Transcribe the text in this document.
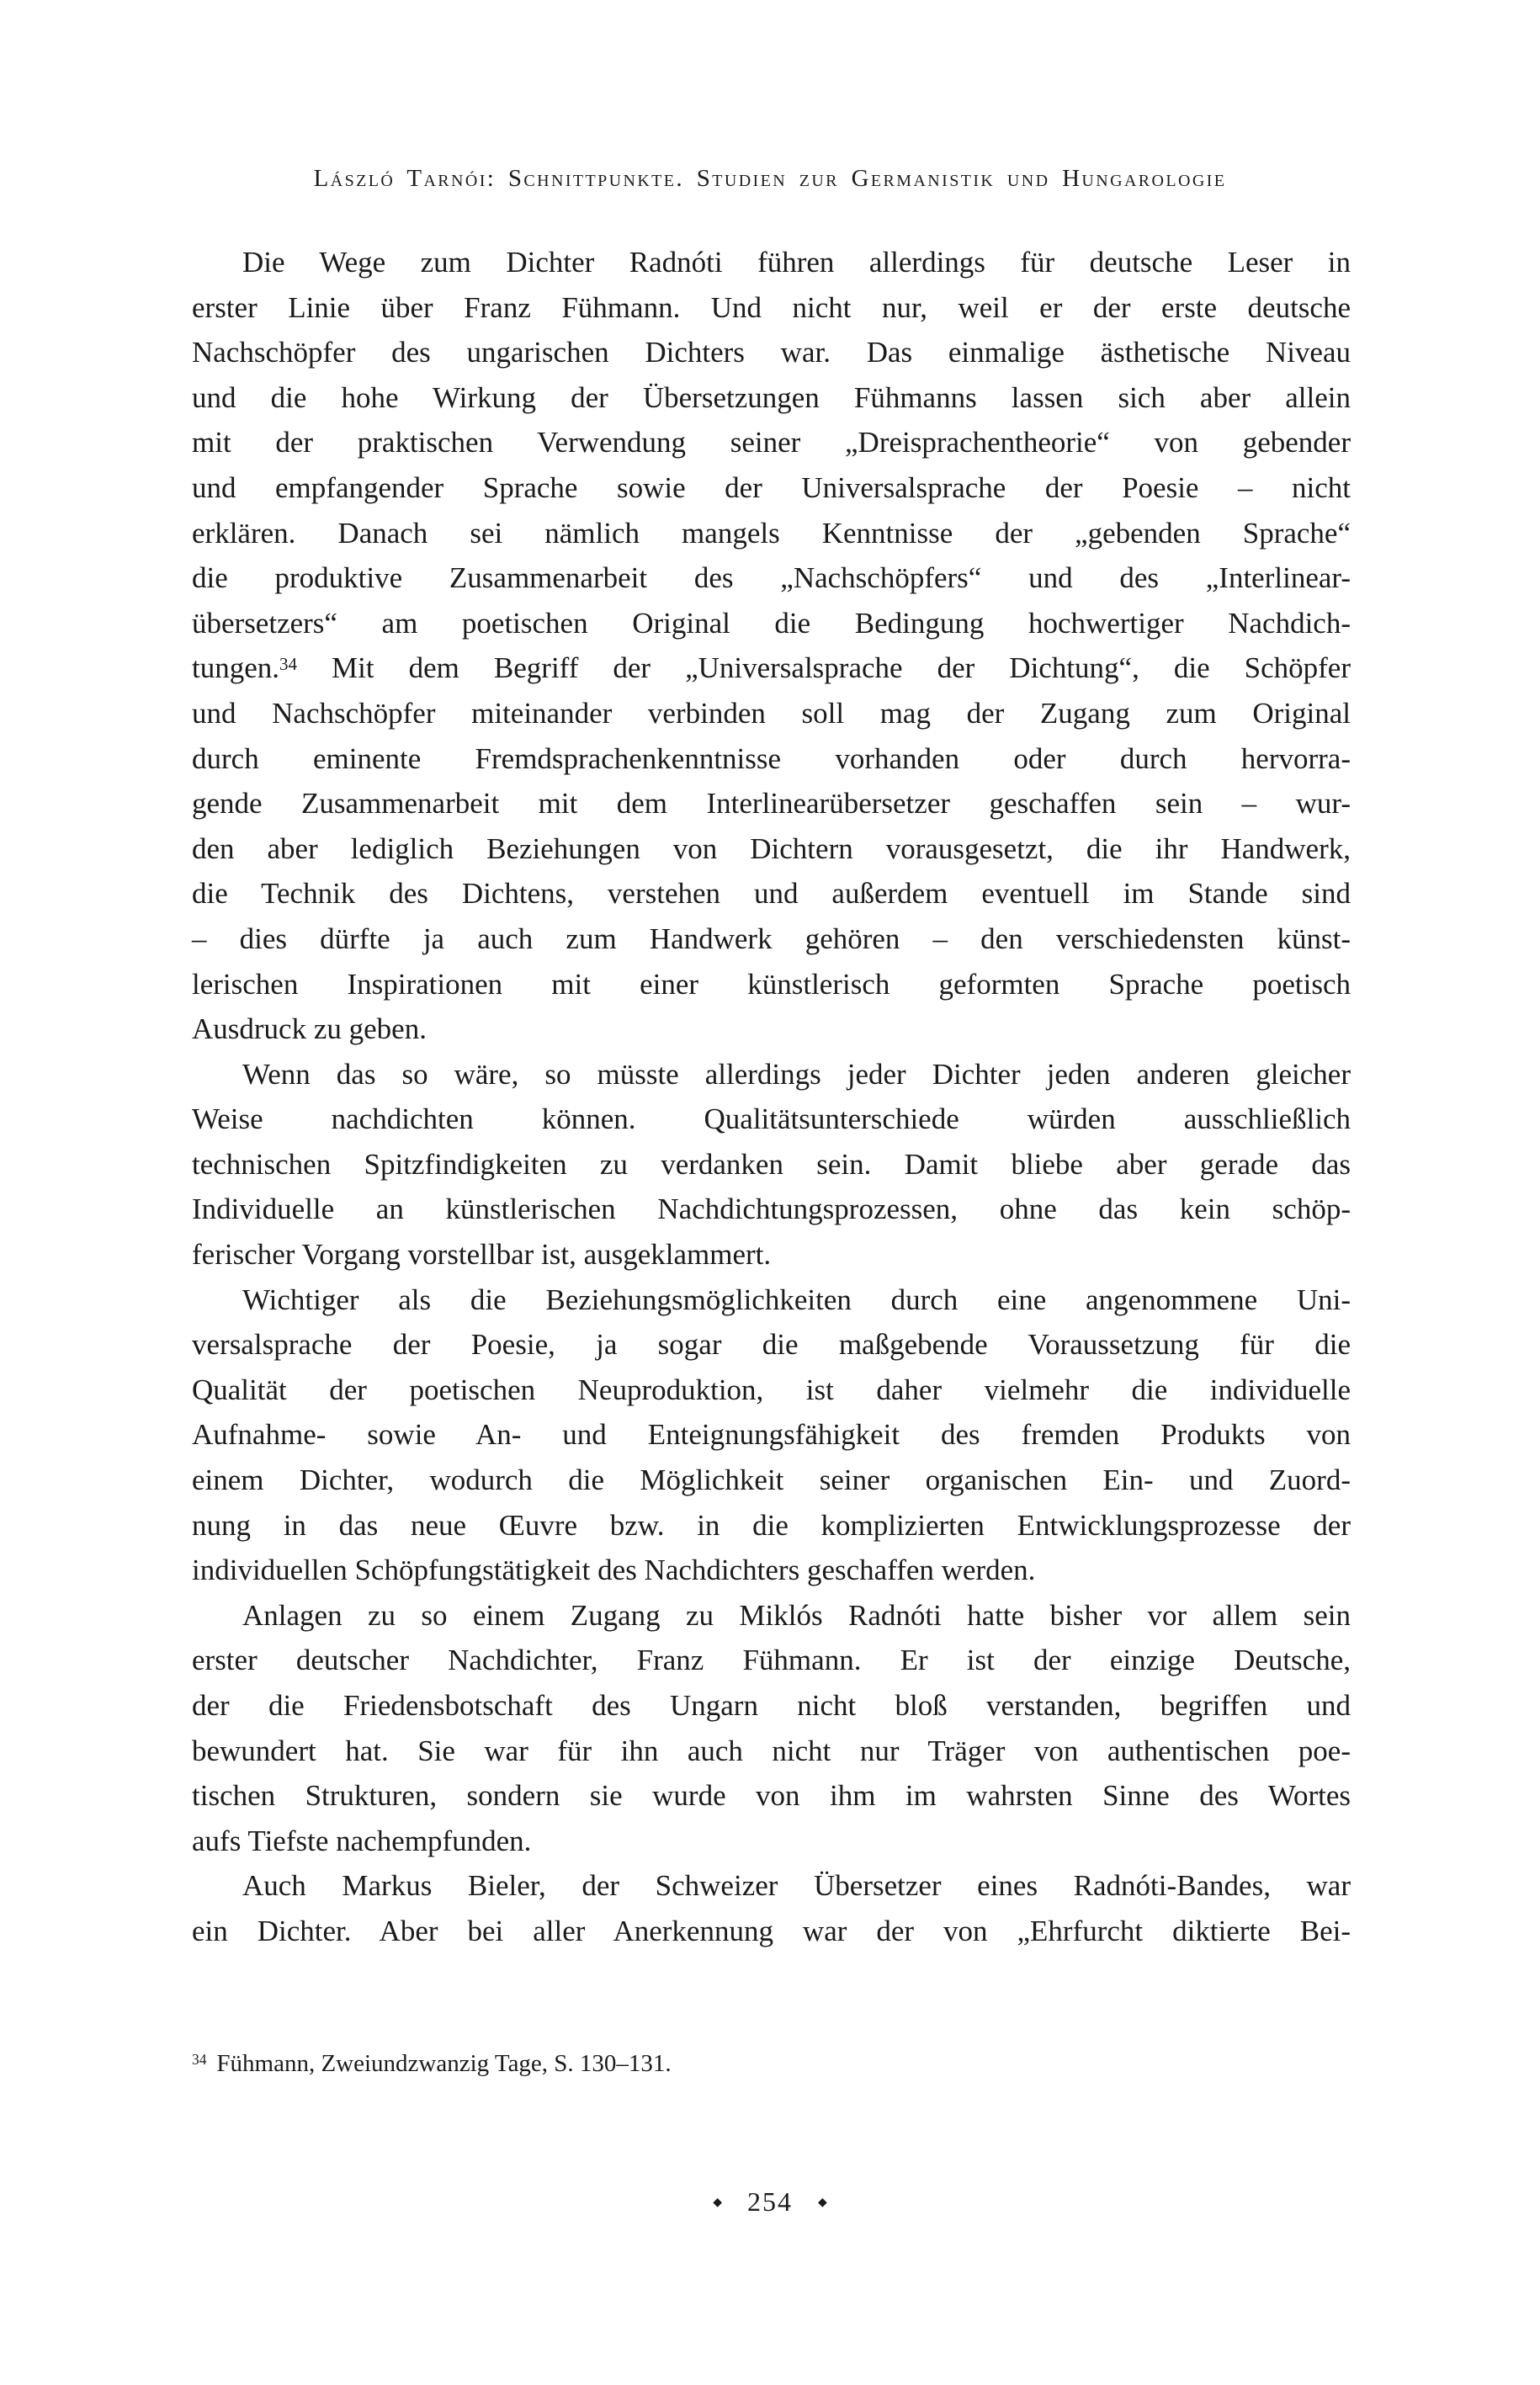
László Tarnói: Schnittpunkte. Studien zur Germanistik und Hungarologie
Die Wege zum Dichter Radnóti führen allerdings für deutsche Leser in
erster Linie über Franz Fühmann. Und nicht nur, weil er der erste deutsche
Nachschöpfer des ungarischen Dichters war. Das einmalige ästhetische Niveau
und die hohe Wirkung der Übersetzungen Fühmanns lassen sich aber allein
mit der praktischen Verwendung seiner „Dreisprachentheorie“ von gebender
und empfangender Sprache sowie der Universalsprache der Poesie – nicht
erklären. Danach sei nämlich mangels Kenntnisse der „gebenden Sprache“
die produktive Zusammenarbeit des „Nachschöpfers“ und des „Interlinear-
übersetzers“ am poetischen Original die Bedingung hochwertiger Nachdich-
tungen.$^{34}$ Mit dem Begriff der „Universalsprache der Dichtung“, die Schöpfer
und Nachschöpfer miteinander verbinden soll mag der Zugang zum Original
durch eminente Fremdsprachenkenntnisse vorhanden oder durch hervorra-
gende Zusammenarbeit mit dem Interlinearübersetzer geschaffen sein – wur-
den aber lediglich Beziehungen von Dichtern vorausgesetzt, die ihr Handwerk,
die Technik des Dichtens, verstehen und außerdem eventuell im Stande sind
– dies dürfte ja auch zum Handwerk gehören – den verschiedensten künst-
lerischen Inspirationen mit einer künstlerisch geformten Sprache poetisch
Ausdruck zu geben.
Wenn das so wäre, so müsste allerdings jeder Dichter jeden anderen gleicher
Weise nachdichten können. Qualitätsunterschiede würden ausschließlich
technischen Spitzfindigkeiten zu verdanken sein. Damit bliebe aber gerade das
Individuelle an künstlerischen Nachdichtungsprozessen, ohne das kein schöp-
ferischer Vorgang vorstellbar ist, ausgeklammert.
Wichtiger als die Beziehungsmöglichkeiten durch eine angenommene Uni-
versalsprache der Poesie, ja sogar die maßgebende Voraussetzung für die
Qualität der poetischen Neuproduktion, ist daher vielmehr die individuelle
Aufnahme- sowie An- und Enteignungsfähigkeit des fremden Produkts von
einem Dichter, wodurch die Möglichkeit seiner organischen Ein- und Zuord-
nung in das neue Œuvre bzw. in die komplizierten Entwicklungsprozesse der
individuellen Schöpfungstätigkeit des Nachdichters geschaffen werden.
Anlagen zu so einem Zugang zu Miklós Radnóti hatte bisher vor allem sein
erster deutscher Nachdichter, Franz Fühmann. Er ist der einzige Deutsche,
der die Friedensbotschaft des Ungarn nicht bloß verstanden, begriffen und
bewundert hat. Sie war für ihn auch nicht nur Träger von authentischen poe-
tischen Strukturen, sondern sie wurde von ihm im wahrsten Sinne des Wortes
aufs Tiefste nachempfunden.
Auch Markus Bieler, der Schweizer Übersetzer eines Radnóti-Bandes, war
ein Dichter. Aber bei aller Anerkennung war der von „Ehrfurcht diktierte Bei-
$^{34}$ Fühmann, Zweiundzwanzig Tage, S. 130–131.
◆ 254 ◆
